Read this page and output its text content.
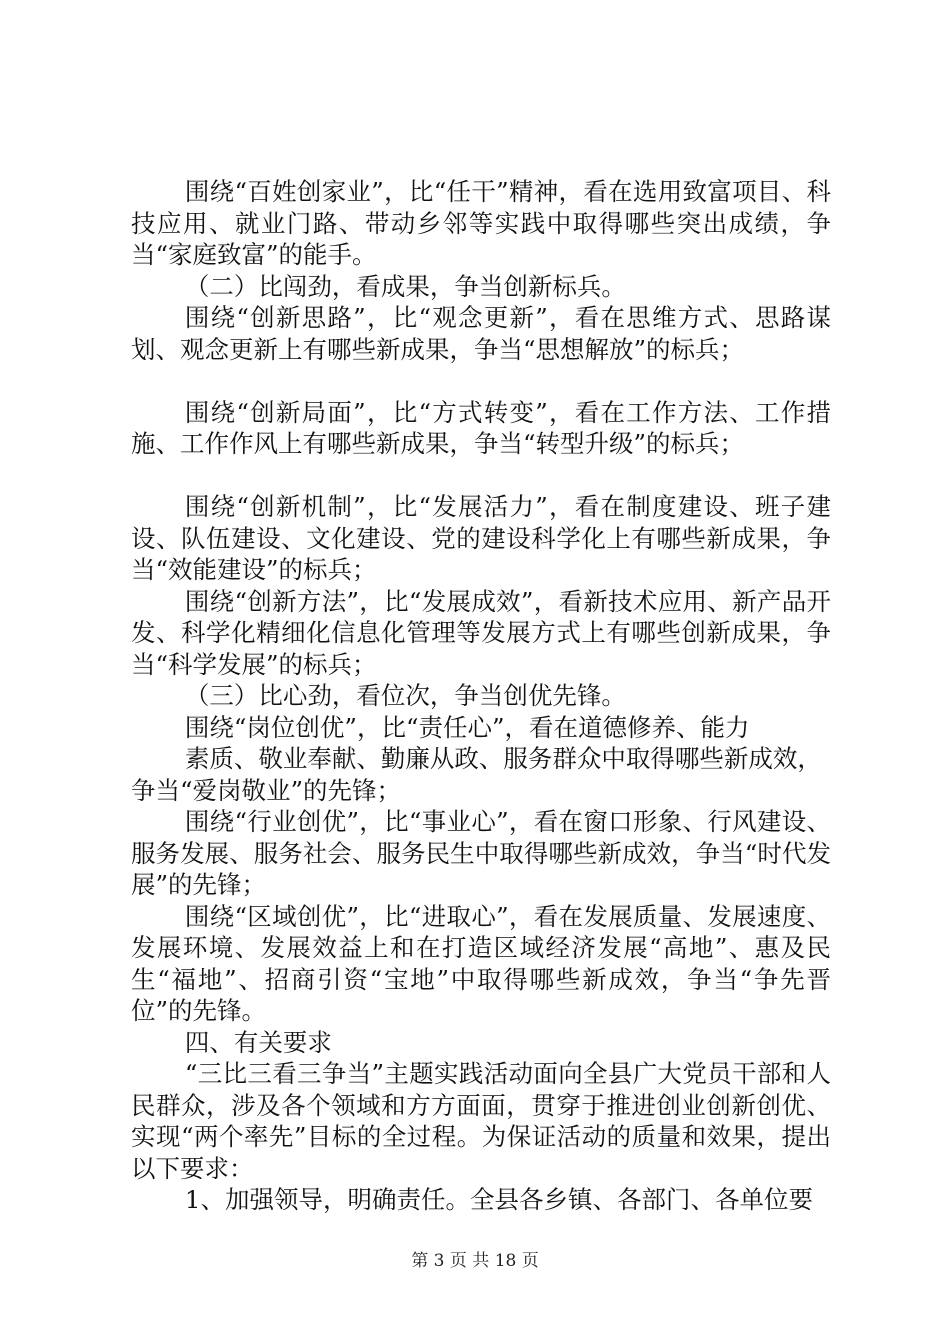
围绕“百姓创家业”，比“任干”精神，看在选用致富项目、科技应用、就业门路、带动乡邻等实践中取得哪些突出成绩，争当“家庭致富”的能手。

（二）比闯劲，看成果，争当创新标兵。

围绕“创新思路”，比“观念更新”，看在思维方式、思路谋划、观念更新上有哪些新成果，争当“思想解放”的标兵；

围绕“创新局面”，比“方式转变”，看在工作方法、工作措施、工作作风上有哪些新成果，争当“转型升级”的标兵；

围绕“创新机制”，比“发展活力”，看在制度建设、班子建设、队伍建设、文化建设、党的建设科学化上有哪些新成果，争当“效能建设”的标兵；

围绕“创新方法”，比“发展成效”，看新技术应用、新产品开发、科学化精细化信息化管理等发展方式上有哪些创新成果，争当“科学发展”的标兵；

（三）比心劲，看位次，争当创优先锋。

围绕“岗位创优”，比“责任心”，看在道德修养、能力

素质、敬业奉献、勤廉从政、服务群众中取得哪些新成效，

争当“爱岗敬业”的先锋；

围绕“行业创优”，比“事业心”，看在窗口形象、行风建设、服务发展、服务社会、服务民生中取得哪些新成效，争当“时代发展”的先锋；

围绕“区域创优”，比“进取心”，看在发展质量、发展速度、发展环境、发展效益上和在打造区域经济发展“高地”、惠及民生“福地”、招商引资“宝地”中取得哪些新成效，争当“争先晋位”的先锋。

四、有关要求

“三比三看三争当”主题实践活动面向全县广大党员干部和人民群众，涉及各个领域和方方面面，贯穿于推进创业创新创优、实现“两个率先”目标的全过程。为保证活动的质量和效果，提出以下要求：

1、加强领导，明确责任。全县各乡镇、各部门、各单位要

第 3 页 共 18 页
